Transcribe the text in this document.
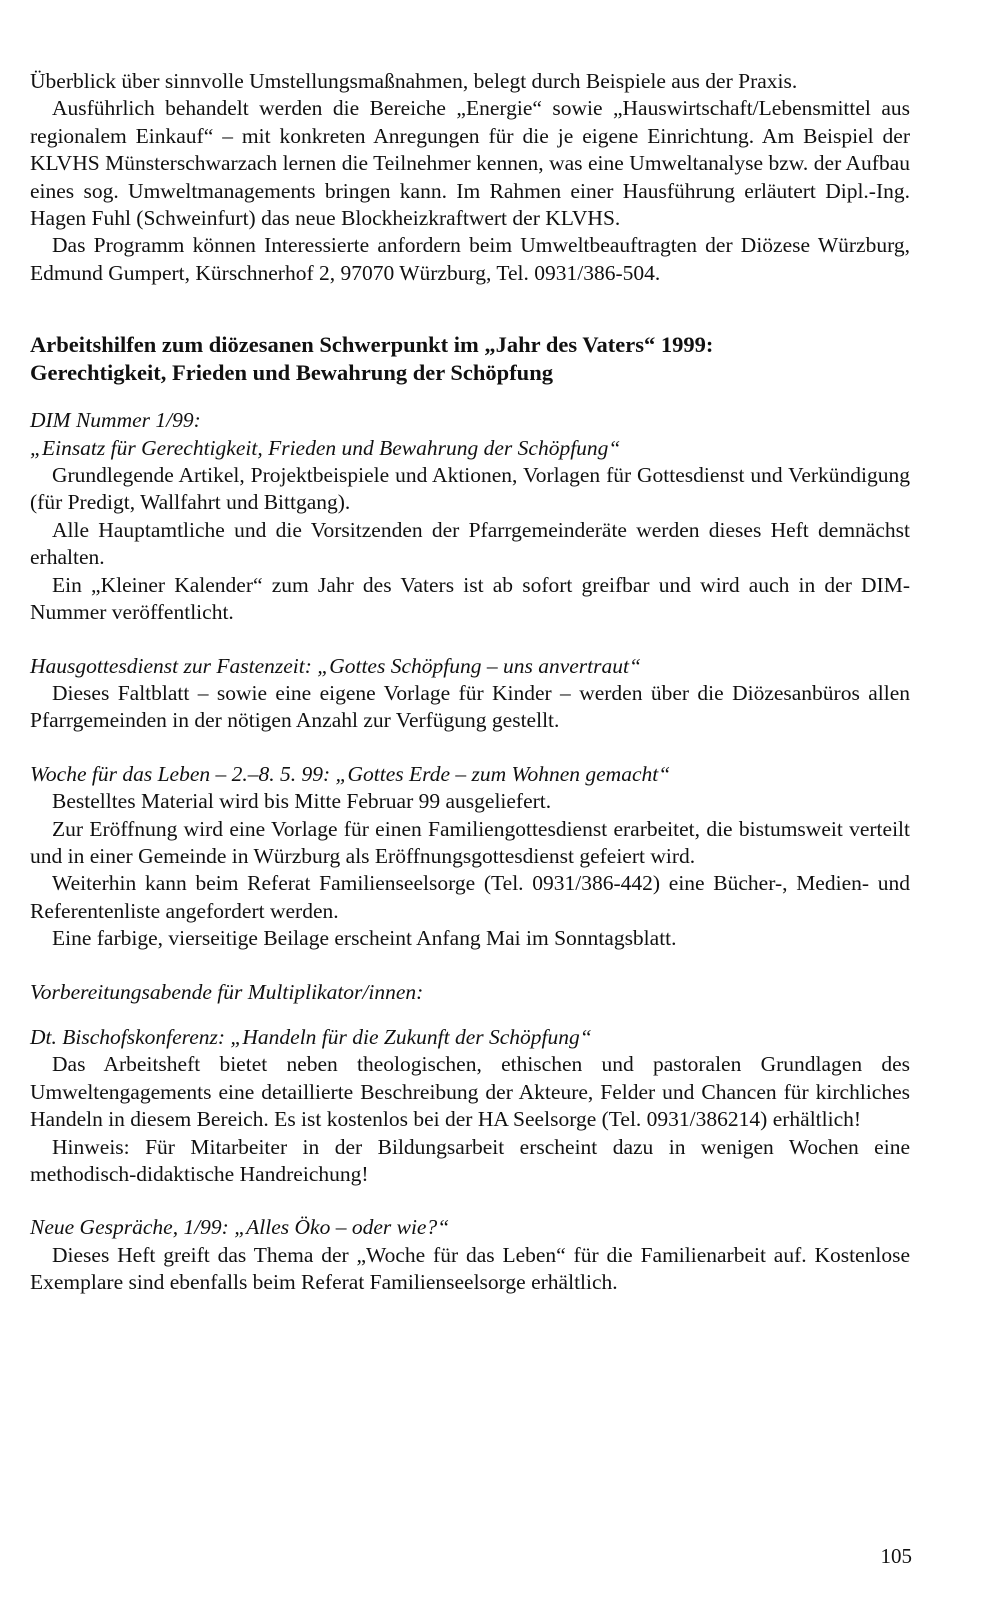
Überblick über sinnvolle Umstellungsmaßnahmen, belegt durch Beispiele aus der Praxis.

Ausführlich behandelt werden die Bereiche „Energie“ sowie „Hauswirtschaft/Lebensmittel aus regionalem Einkauf“ – mit konkreten Anregungen für die je eigene Einrichtung. Am Beispiel der KLVHS Münsterschwarzach lernen die Teilnehmer kennen, was eine Umweltanalyse bzw. der Aufbau eines sog. Umweltmanagements bringen kann. Im Rahmen einer Hausführung erläutert Dipl.-Ing. Hagen Fuhl (Schweinfurt) das neue Blockheizkraftwert der KLVHS.

Das Programm können Interessierte anfordern beim Umweltbeauftragten der Diözese Würzburg, Edmund Gumpert, Kürschnerhof 2, 97070 Würzburg, Tel. 0931/386-504.

Arbeitshilfen zum diözesanen Schwerpunkt im „Jahr des Vaters“ 1999:

Gerechtigkeit, Frieden und Bewahrung der Schöpfung

DIM Nummer 1/99:

„Einsatz für Gerechtigkeit, Frieden und Bewahrung der Schöpfung“

Grundlegende Artikel, Projektbeispiele und Aktionen, Vorlagen für Gottesdienst und Verkündigung (für Predigt, Wallfahrt und Bittgang).

Alle Hauptamtliche und die Vorsitzenden der Pfarrgemeinderäte werden dieses Heft demnächst erhalten.

Ein „Kleiner Kalender“ zum Jahr des Vaters ist ab sofort greifbar und wird auch in der DIM-Nummer veröffentlicht.

Hausgottesdienst zur Fastenzeit: „Gottes Schöpfung – uns anvertraut“

Dieses Faltblatt – sowie eine eigene Vorlage für Kinder – werden über die Diözesanbüros allen Pfarrgemeinden in der nötigen Anzahl zur Verfügung gestellt.

Woche für das Leben – 2.–8. 5. 99: „Gottes Erde – zum Wohnen gemacht“

Bestelltes Material wird bis Mitte Februar 99 ausgeliefert.

Zur Eröffnung wird eine Vorlage für einen Familiengottesdienst erarbeitet, die bistumsweit verteilt und in einer Gemeinde in Würzburg als Eröffnungsgottesdienst gefeiert wird.

Weiterhin kann beim Referat Familienseelsorge (Tel. 0931/386-442) eine Bücher-, Medien- und Referentenliste angefordert werden.

Eine farbige, vierseitige Beilage erscheint Anfang Mai im Sonntagsblatt.

Vorbereitungsabende für Multiplikator/innen:

Dt. Bischofskonferenz: „Handeln für die Zukunft der Schöpfung“

Das Arbeitsheft bietet neben theologischen, ethischen und pastoralen Grundlagen des Umweltengagements eine detaillierte Beschreibung der Akteure, Felder und Chancen für kirchliches Handeln in diesem Bereich. Es ist kostenlos bei der HA Seelsorge (Tel. 0931/386214) erhältlich!

Hinweis: Für Mitarbeiter in der Bildungsarbeit erscheint dazu in wenigen Wochen eine methodisch-didaktische Handreichung!

Neue Gespräche, 1/99: „Alles Öko – oder wie?“

Dieses Heft greift das Thema der „Woche für das Leben“ für die Familienarbeit auf. Kostenlose Exemplare sind ebenfalls beim Referat Familienseelsorge erhältlich.

105
